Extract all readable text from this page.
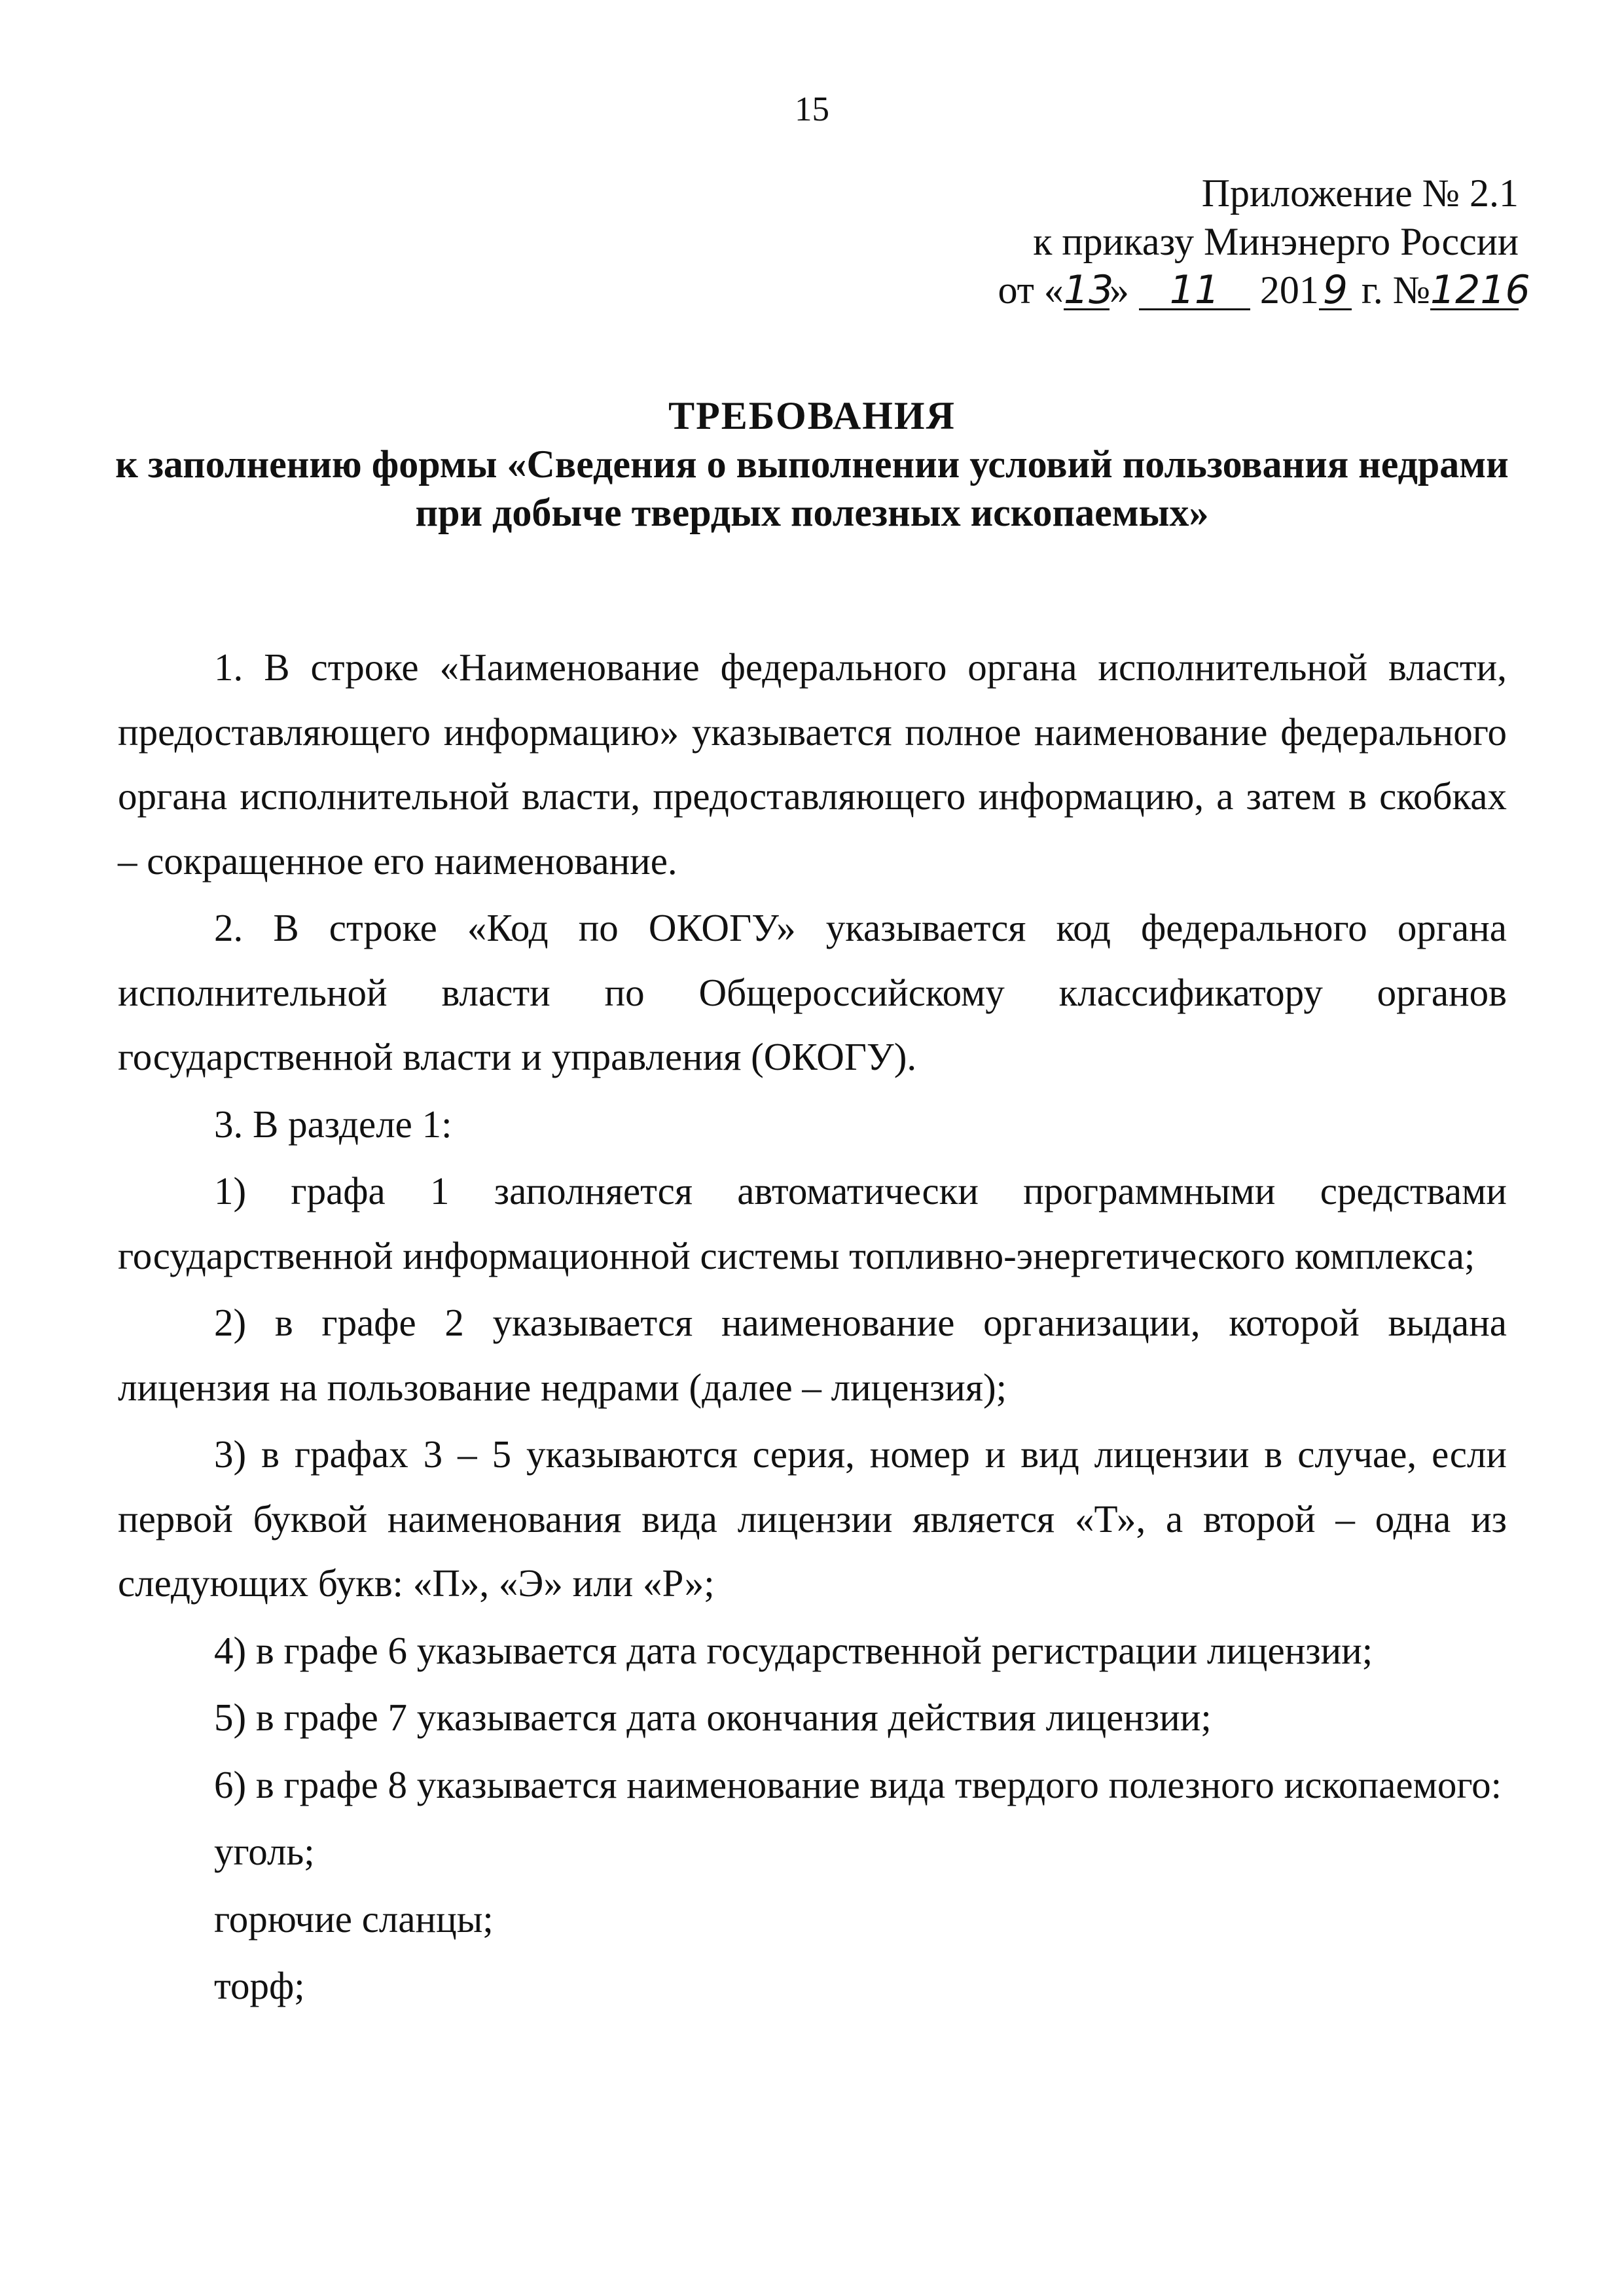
15
Приложение № 2.1
к приказу Минэнерго России
от «13» 11 2019 г. №1216
ТРЕБОВАНИЯ
к заполнению формы «Сведения о выполнении условий пользования недрами
при добыче твердых полезных ископаемых»

1. В строке «Наименование федерального органа исполнительной власти, предоставляющего информацию» указывается полное наименование федерального органа исполнительной власти, предоставляющего информацию, а затем в скобках – сокращенное его наименование.

2. В строке «Код по ОКОГУ» указывается код федерального органа исполнительной власти по Общероссийскому классификатору органов государственной власти и управления (ОКОГУ).

3. В разделе 1:

1) графа 1 заполняется автоматически программными средствами государственной информационной системы топливно-энергетического комплекса;

2) в графе 2 указывается наименование организации, которой выдана лицензия на пользование недрами (далее – лицензия);

3) в графах 3 – 5 указываются серия, номер и вид лицензии в случае, если первой буквой наименования вида лицензии является «Т», а второй – одна из следующих букв: «П», «Э» или «Р»;

4) в графе 6 указывается дата государственной регистрации лицензии;

5) в графе 7 указывается дата окончания действия лицензии;

6) в графе 8 указывается наименование вида твердого полезного ископаемого:

уголь;

горючие сланцы;

торф;
